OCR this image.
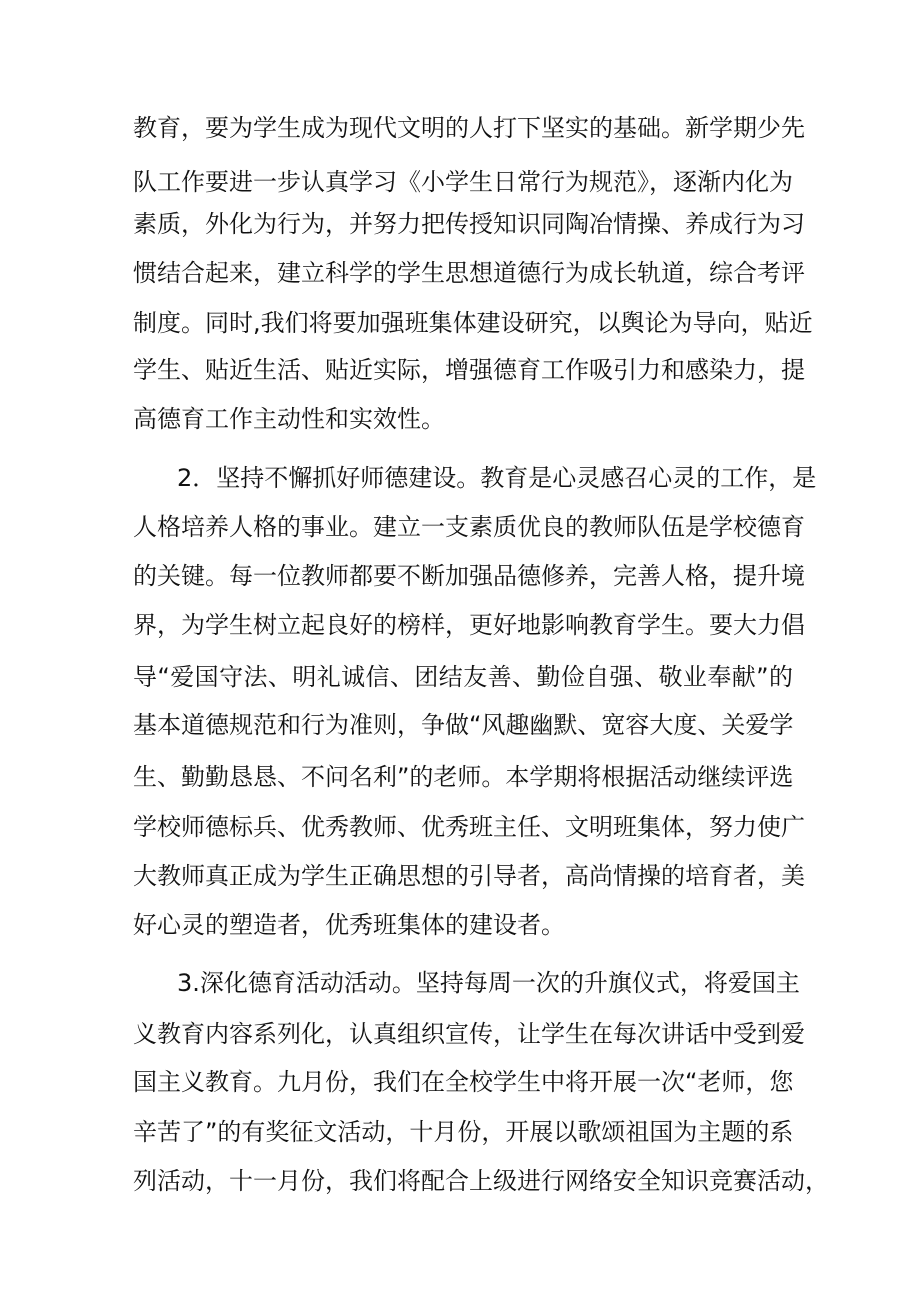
教育，要为学生成为现代文明的人打下坚实的基础。新学期少先
队工作要进一步认真学习《小学生日常行为规范》，逐渐内化为
素质，外化为行为，并努力把传授知识同陶冶情操、养成行为习
惯结合起来，建立科学的学生思想道德行为成长轨道，综合考评
制度。同时,我们将要加强班集体建设研究，以舆论为导向，贴近
学生、贴近生活、贴近实际，增强德育工作吸引力和感染力，提
高德育工作主动性和实效性。
2．坚持不懈抓好师德建设。教育是心灵感召心灵的工作，是
人格培养人格的事业。建立一支素质优良的教师队伍是学校德育
的关键。每一位教师都要不断加强品德修养，完善人格，提升境
界，为学生树立起良好的榜样，更好地影响教育学生。要大力倡
导“爱国守法、明礼诚信、团结友善、勤俭自强、敬业奉献”的
基本道德规范和行为准则，争做“风趣幽默、宽容大度、关爱学
生、勤勤恳恳、不问名利”的老师。本学期将根据活动继续评选
学校师德标兵、优秀教师、优秀班主任、文明班集体，努力使广
大教师真正成为学生正确思想的引导者，高尚情操的培育者，美
好心灵的塑造者，优秀班集体的建设者。
3.深化德育活动活动。坚持每周一次的升旗仪式，将爱国主
义教育内容系列化，认真组织宣传，让学生在每次讲话中受到爱
国主义教育。九月份，我们在全校学生中将开展一次“老师，您
辛苦了”的有奖征文活动，十月份，开展以歌颂祖国为主题的系
列活动，十一月份，我们将配合上级进行网络安全知识竞赛活动，
